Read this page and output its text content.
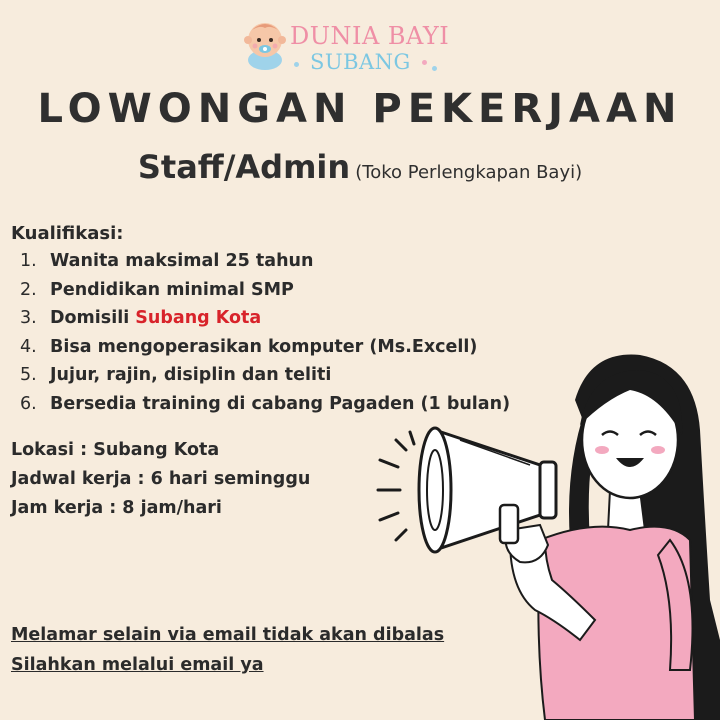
DUNIA BAYI
SUBANG
LOWONGAN PEKERJAAN
Staff/Admin (Toko Perlengkapan Bayi)
Kualifikasi:
1. Wanita maksimal 25 tahun
2. Pendidikan minimal SMP
3. Domisili Subang Kota
4. Bisa mengoperasikan komputer (Ms.Excell)
5. Jujur, rajin, disiplin dan teliti
6. Bersedia training di cabang Pagaden (1 bulan)
Lokasi : Subang Kota
Jadwal kerja : 6 hari seminggu
Jam kerja : 8 jam/hari
Melamar selain via email tidak akan dibalas
Silahkan melalui email ya
